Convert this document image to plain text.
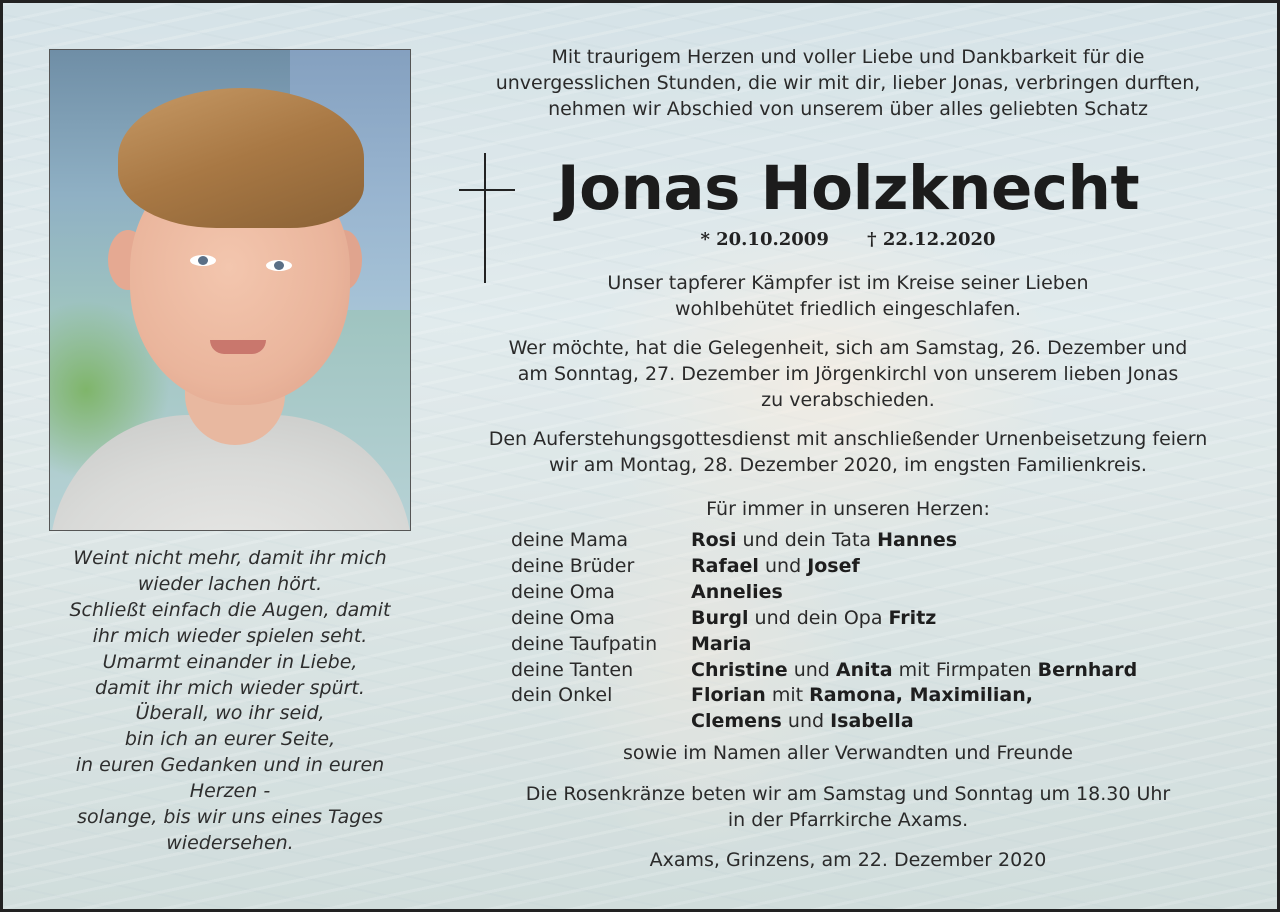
Weint nicht mehr, damit ihr mich
wieder lachen hört.
Schließt einfach die Augen, damit
ihr mich wieder spielen seht.
Umarmt einander in Liebe,
damit ihr mich wieder spürt.
Überall, wo ihr seid,
bin ich an eurer Seite,
in euren Gedanken und in euren
Herzen -
solange, bis wir uns eines Tages
wiedersehen.
Mit traurigem Herzen und voller Liebe und Dankbarkeit für die
unvergesslichen Stunden, die wir mit dir, lieber Jonas, verbringen durften,
nehmen wir Abschied von unserem über alles geliebten Schatz
Jonas Holzknecht
* 20.10.2009 † 22.12.2020
Unser tapferer Kämpfer ist im Kreise seiner Lieben
wohlbehütet friedlich eingeschlafen.
Wer möchte, hat die Gelegenheit, sich am Samstag, 26. Dezember und
am Sonntag, 27. Dezember im Jörgenkirchl von unserem lieben Jonas
zu verabschieden.
Den Auferstehungsgottesdienst mit anschließender Urnenbeisetzung feiern
wir am Montag, 28. Dezember 2020, im engsten Familienkreis.
Für immer in unseren Herzen:
deine Mama	Rosi und dein Tata Hannes
deine Brüder	Rafael und Josef
deine Oma	Annelies
deine Oma	Burgl und dein Opa Fritz
deine Taufpatin	Maria
deine Tanten	Christine und Anita mit Firmpaten Bernhard
dein Onkel	Florian mit Ramona, Maximilian,
Clemens und Isabella
sowie im Namen aller Verwandten und Freunde
Die Rosenkränze beten wir am Samstag und Sonntag um 18.30 Uhr
in der Pfarrkirche Axams.
Axams, Grinzens, am 22. Dezember 2020
